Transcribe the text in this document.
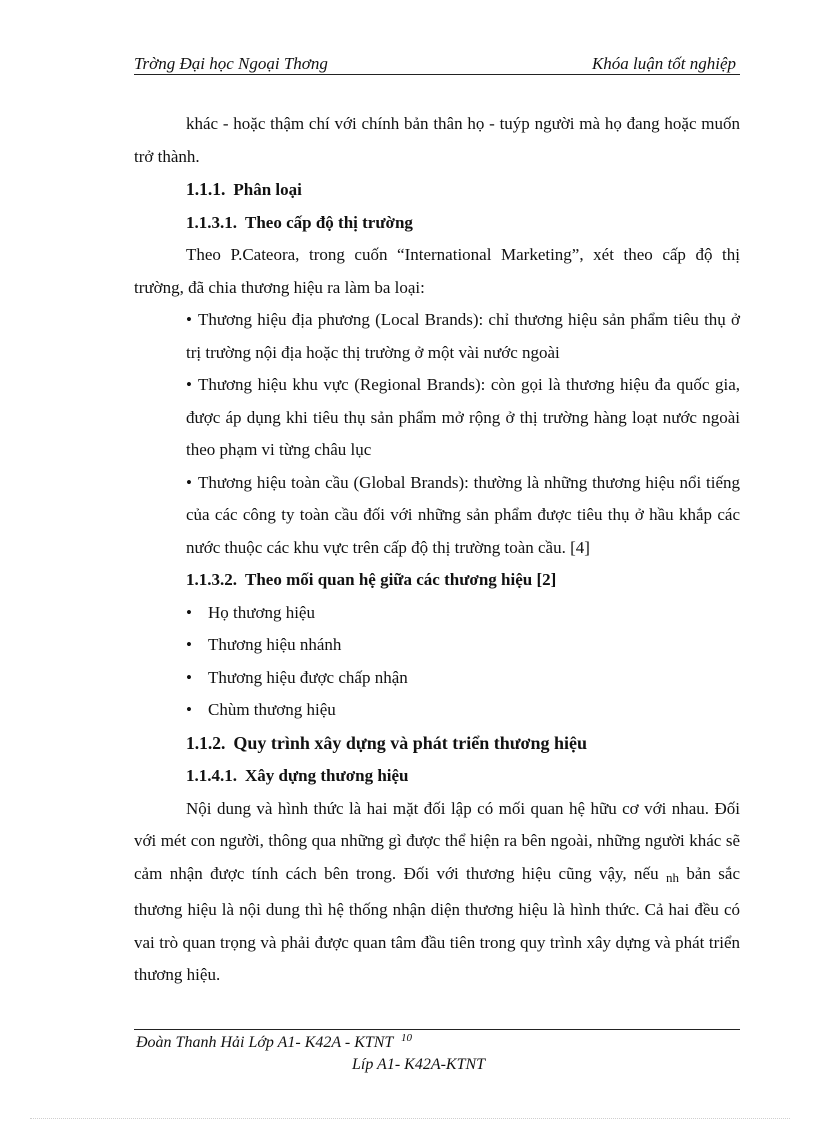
Trờng Đại học Ngoại Thơng	Khóa luận tốt nghiệp

khác - hoặc thậm chí với chính bản thân họ - tuýp người mà họ đang hoặc muốn trở thành.

1.1.1. Phân loại

1.1.3.1. Theo cấp độ thị trường

Theo P.Cateora, trong cuốn “International Marketing”, xét theo cấp độ thị trường, đã chia thương hiệu ra làm ba loại:

• Thương hiệu địa phương (Local Brands): chỉ thương hiệu sản phẩm tiêu thụ ở trị trường nội địa hoặc thị trường ở một vài nước ngoài

• Thương hiệu khu vực (Regional Brands): còn gọi là thương hiệu đa quốc gia, được áp dụng khi tiêu thụ sản phẩm mở rộng ở thị trường hàng loạt nước ngoài theo phạm vi từng châu lục

• Thương hiệu toàn cầu (Global Brands): thường là những thương hiệu nổi tiếng của các công ty toàn cầu đối với những sản phẩm được tiêu thụ ở hầu khắp các nước thuộc các khu vực trên cấp độ thị trường toàn cầu. [4]

1.1.3.2. Theo mối quan hệ giữa các thương hiệu [2]

• Họ thương hiệu
• Thương hiệu nhánh
• Thương hiệu được chấp nhận
• Chùm thương hiệu

1.1.2. Quy trình xây dựng và phát triển thương hiệu

1.1.4.1. Xây dựng thương hiệu

Nội dung và hình thức là hai mặt đối lập có mối quan hệ hữu cơ với nhau. Đối với mét con người, thông qua những gì được thể hiện ra bên ngoài, những người khác sẽ cảm nhận được tính cách bên trong. Đối với thương hiệu cũng vậy, nếu $_{nh}$ bản sắc thương hiệu là nội dung thì hệ thống nhận diện thương hiệu là hình thức. Cả hai đều có vai trò quan trọng và phải được quan tâm đầu tiên trong quy trình xây dựng và phát triển thương hiệu.

Đoàn Thanh Hải Lớp A1- K42A - KTNT 10
Líp A1- K42A-KTNT
